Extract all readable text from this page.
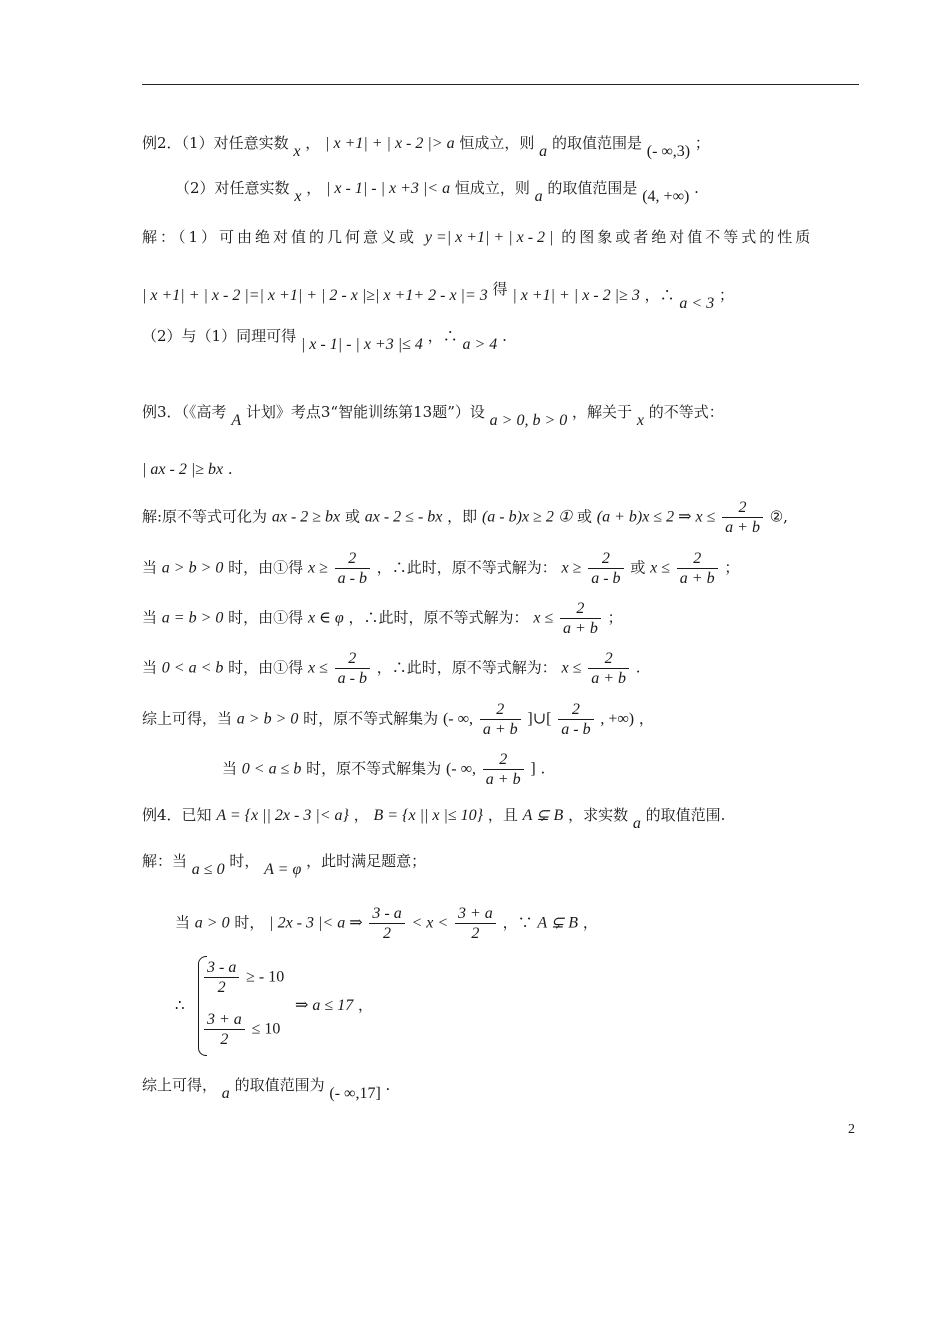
例2．（1）对任意实数 x ， | x +1| + | x - 2 |> a 恒成立，则 a 的取值范围是 (- ∞,3) ；
（2）对任意实数 x ， | x - 1| - | x +3 |< a 恒成立，则 a 的取值范围是 (4, +∞) .
解：（1）可由绝对值的几何意义或 y =| x +1| + | x - 2 | 的图象或者绝对值不等式的性质
| x +1| + | x - 2 |=| x +1| + | 2 - x |≥| x +1+ 2 - x |= 3 得 | x +1| + | x - 2 |≥ 3 ，∴ a < 3 ；
（2）与（1）同理可得 | x - 1| - | x +3 |≤ 4 ，∴ a > 4 .
例3．（《高考 A 计划》考点3“智能训练第13题”）设 a > 0, b > 0 ，解关于 x 的不等式：
| ax - 2 |≥ bx .
解:原不等式可化为 ax - 2 ≥ bx 或 ax - 2 ≤ - bx ，即 (a - b)x ≥ 2 ① 或 (a + b)x ≤ 2 ⇒ $x \le \frac{2}{a + b}$ ②,
当 a > b > 0 时，由①得 $x \ge \frac{2}{a - b}$ ，∴此时，原不等式解为： $x \ge \frac{2}{a - b}$ 或 $x \le \frac{2}{a + b}$ ；
当 a = b > 0 时，由①得 x ∈ φ ，∴此时，原不等式解为： $x \le \frac{2}{a + b}$ ；
当 0 < a < b 时，由①得 $x \le \frac{2}{a - b}$ ，∴此时，原不等式解为： $x \le \frac{2}{a + b}$ .
综上可得，当 a > b > 0 时，原不等式解集为 (- ∞, $\frac{2}{a + b}$ ]∪[ $\frac{2}{a - b}$ , +∞) ，
当 0 < a ≤ b 时，原不等式解集为 (- ∞, $\frac{2}{a + b}$ ] .
例4．已知 A = {x || 2x - 3 |< a} ， B = {x || x |≤ 10} ，且 A ⊊ B ，求实数 a 的取值范围.
解：当 a ≤ 0 时， A = φ ，此时满足题意；
当 a > 0 时， | 2x - 3 |< a ⇒ $\frac{3 - a}{2} < x < \frac{3 + a}{2}$ ，∵ A ⊊ B ，
∴
$\frac{3 - a}{2}$ ≥ - 10
$\frac{3 + a}{2} \le 10$
⇒ a ≤ 17 ，
综上可得， a 的取值范围为 (- ∞,17] .
2
